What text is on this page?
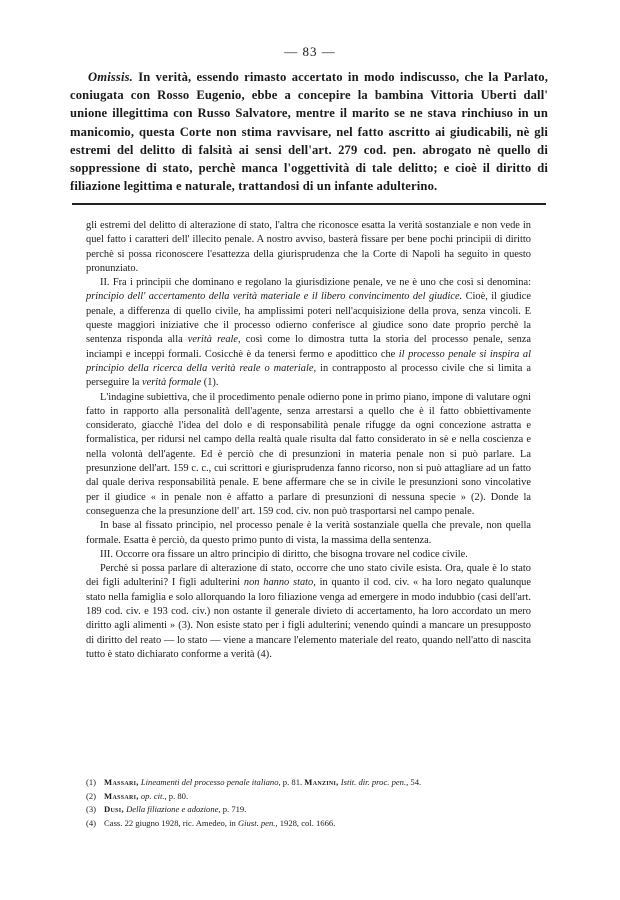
— 83 —

Omissis. In verità, essendo rimasto accertato in modo indiscusso, che la Parlato, coniugata con Rosso Eugenio, ebbe a concepire la bambina Vittoria Uberti dall' unione illegittima con Russo Salvatore, mentre il marito se ne stava rinchiuso in un manicomio, questa Corte non stima ravvisare, nel fatto ascritto ai giudicabili, nè gli estremi del delitto di falsità ai sensi dell'art. 279 cod. pen. abrogato nè quello di soppressione di stato, perchè manca l'oggettività di tale delitto; e cioè il diritto di filiazione legittima e naturale, trattandosi di un infante adulterino.

gli estremi del delitto di alterazione di stato, l'altra che riconosce esatta la verità sostanziale e non vede in quel fatto i caratteri dell' illecito penale. A nostro avviso, basterà fissare per bene pochi principii di diritto perchè si possa riconoscere l'esattezza della giurisprudenza che la Corte di Napoli ha seguito in questo pronunziato.

II. Fra i principii che dominano e regolano la giurisdizione penale, ve ne è uno che così si denomina: principio dell' accertamento della verità materiale e il libero convincimento del giudice. Cioè, il giudice penale, a differenza di quello civile, ha amplissimi poteri nell'acquisizione della prova, senza vincoli. E queste maggiori iniziative che il processo odierno conferisce al giudice sono date proprio perchè la sentenza risponda alla verità reale, così come lo dimostra tutta la storia del processo penale, senza inciampi e inceppi formali. Cosicchè è da tenersi fermo e apodittico che il processo penale si inspira al principio della ricerca della verità reale o materiale, in contrapposto al processo civile che si limita a perseguire la verità formale (1).

L'indagine subiettiva, che il procedimento penale odierno pone in primo piano, impone di valutare ogni fatto in rapporto alla personalità dell'agente, senza arrestarsi a quello che è il fatto obbiettivamente considerato, giacchè l'idea del dolo e di responsabilità penale rifugge da ogni concezione astratta e formalistica, per ridursi nel campo della realtà quale risulta dal fatto considerato in sè e nella coscienza e nella volontà dell'agente. Ed è perciò che di presunzioni in materia penale non si può parlare. La presunzione dell'art. 159 c. c., cui scrittori e giurisprudenza fanno ricorso, non si può attagliare ad un fatto dal quale deriva responsabilità penale. E bene affermare che se in civile le presunzioni sono vincolative per il giudice « in penale non è affatto a parlare di presunzioni di nessuna specie » (2). Donde la conseguenza che la presunzione dell' art. 159 cod. civ. non può trasportarsi nel campo penale.

In base al fissato principio, nel processo penale è la verità sostanziale quella che prevale, non quella formale. Esatta è perciò, da questo primo punto di vista, la massima della sentenza.

III. Occorre ora fissare un altro principio di diritto, che bisogna trovare nel codice civile.

Perchè si possa parlare di alterazione di stato, occorre che uno stato civile esista. Ora, quale è lo stato dei figli adulterini? I figli adulterini non hanno stato, in quanto il cod. civ. « ha loro negato qualunque stato nella famiglia e solo allorquando la loro filiazione venga ad emergere in modo indubbio (casi dell'art. 189 cod. civ. e 193 cod. civ.) non ostante il generale divieto di accertamento, ha loro accordato un mero diritto agli alimenti » (3). Non esiste stato per i figli adulterini; venendo quindi a mancare un presupposto di diritto del reato — lo stato — viene a mancare l'elemento materiale del reato, quando nell'atto di nascita tutto è stato dichiarato conforme a verità (4).

(1) Massari, Lineamenti del processo penale italiano, p. 81. Manzini, Istit. dir. proc. pen., 54.
(2) Massari, op. cit., p. 80.
(3) Dusi, Della filiazione e adozione, p. 719.
(4) Cass. 22 giugno 1928, ric. Amedeo, in Giust. pen., 1928, col. 1666.
